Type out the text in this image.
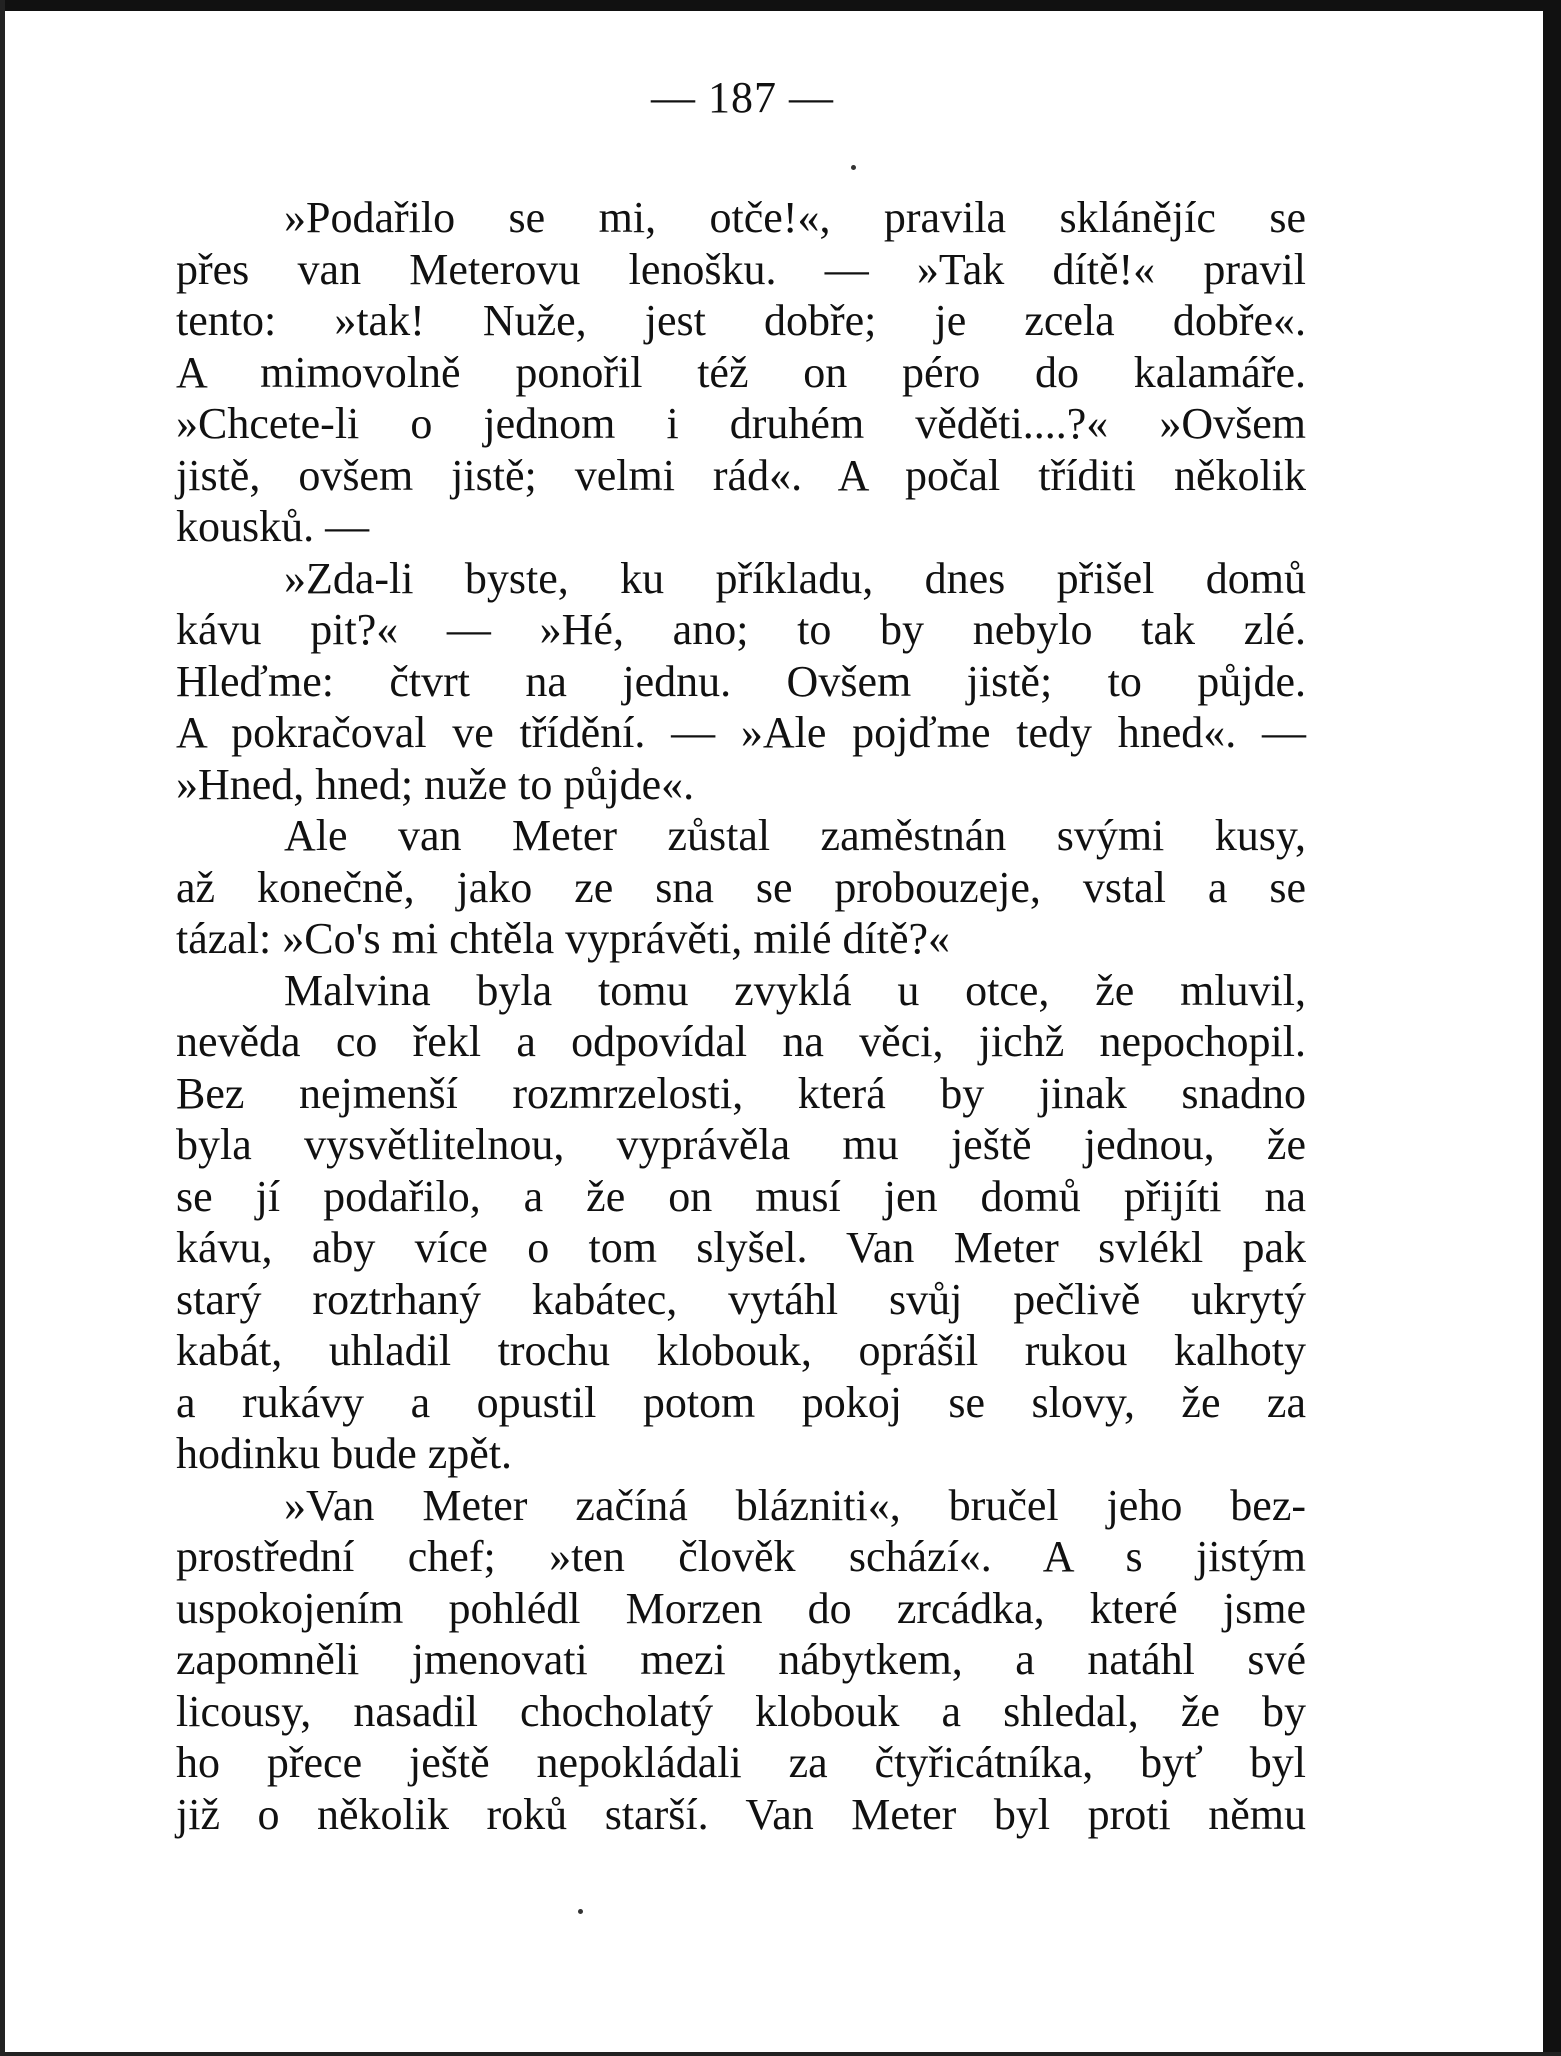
— 187 —
»Podařilo se mi, otče!«, pravila sklánějíc se
přes van Meterovu lenošku. — »Tak dítě!« pravil
tento: »tak! Nuže, jest dobře; je zcela dobře«.
A mimovolně ponořil též on péro do kalamáře.
»Chcete-li o jednom i druhém věděti....?« »Ovšem
jistě, ovšem jistě; velmi rád«. A počal tříditi několik
kousků. —
»Zda-li byste, ku příkladu, dnes přišel domů
kávu pit?« — »Hé, ano; to by nebylo tak zlé.
Hleďme: čtvrt na jednu. Ovšem jistě; to půjde.
A pokračoval ve třídění. — »Ale pojďme tedy hned«. —
»Hned, hned; nuže to půjde«.
Ale van Meter zůstal zaměstnán svými kusy,
až konečně, jako ze sna se probouzeje, vstal a se
tázal: »Co's mi chtěla vyprávěti, milé dítě?«
Malvina byla tomu zvyklá u otce, že mluvil,
nevěda co řekl a odpovídal na věci, jichž nepochopil.
Bez nejmenší rozmrzelosti, která by jinak snadno
byla vysvětlitelnou, vyprávěla mu ještě jednou, že
se jí podařilo, a že on musí jen domů přijíti na
kávu, aby více o tom slyšel. Van Meter svlékl pak
starý roztrhaný kabátec, vytáhl svůj pečlivě ukrytý
kabát, uhladil trochu klobouk, oprášil rukou kalhoty
a rukávy a opustil potom pokoj se slovy, že za
hodinku bude zpět.
»Van Meter začíná blázniti«, bručel jeho bez-
prostřední chef; »ten člověk schází«. A s jistým
uspokojením pohlédl Morzen do zrcádka, které jsme
zapomněli jmenovati mezi nábytkem, a natáhl své
licousy, nasadil chocholatý klobouk a shledal, že by
ho přece ještě nepokládali za čtyřicátníka, byť byl
již o několik roků starší. Van Meter byl proti němu
